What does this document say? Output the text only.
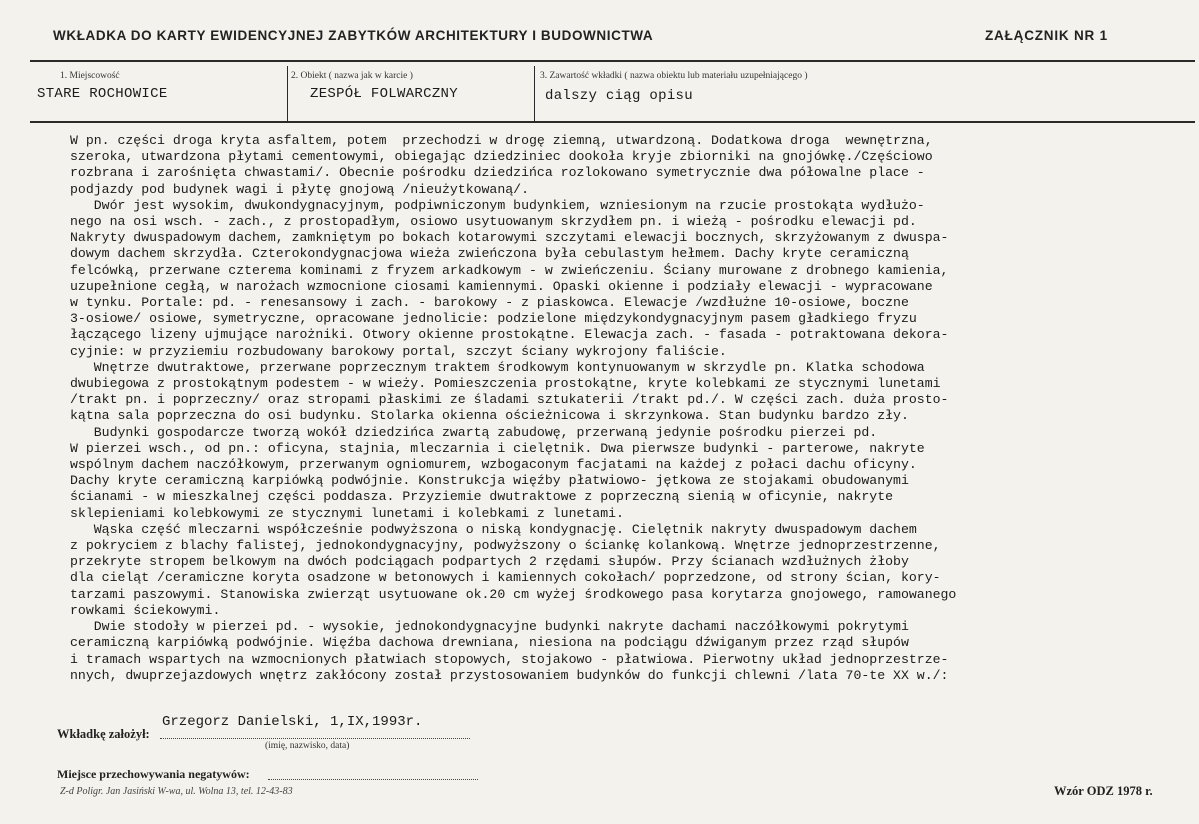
WKŁADKA DO KARTY EWIDENCYJNEJ ZABYTKÓW ARCHITEKTURY I BUDOWNICTWA	ZAŁĄCZNIK NR 1
1. Miejscowość
STARE ROCHOWICE
2. Obiekt ( nazwa jak w karcie )
ZESPÓŁ FOLWARCZNY
3. Zawartość wkładki ( nazwa obiektu lub materiału uzupełniającego )
dalszy ciąg opisu

W pn. części droga kryta asfaltem, potem  przechodzi w drogę ziemną, utwardzoną. Dodatkowa droga  wewnętrzna,

szeroka, utwardzona płytami cementowymi, obiegając dziedziniec dookoła kryje zbiorniki na gnojówkę./Częściowo

rozbrana i zarośnięta chwastami/. Obecnie pośrodku dziedzińca rozlokowano symetrycznie dwa półowalne place -

podjazdy pod budynek wagi i płytę gnojową /nieużytkowaną/.

Dwór jest wysokim, dwukondygnacyjnym, podpiwniczonym budynkiem, wzniesionym na rzucie prostokąta wydłużo-

nego na osi wsch. - zach., z prostopadłym, osiowo usytuowanym skrzydłem pn. i wieżą - pośrodku elewacji pd.

Nakryty dwuspadowym dachem, zamkniętym po bokach kotarowymi szczytami elewacji bocznych, skrzyżowanym z dwuspa-

dowym dachem skrzydła. Czterokondygnacjowa wieża zwieńczona była cebulastym hełmem. Dachy kryte ceramiczną

felcówką, przerwane czterema kominami z fryzem arkadkowym - w zwieńczeniu. Ściany murowane z drobnego kamienia,

uzupełnione cegłą, w narożach wzmocnione ciosami kamiennymi. Opaski okienne i podziały elewacji - wypracowane

w tynku. Portale: pd. - renesansowy i zach. - barokowy - z piaskowca. Elewacje /wzdłużne 10-osiowe, boczne

3-osiowe/ osiowe, symetryczne, opracowane jednolicie: podzielone międzykondygnacyjnym pasem gładkiego fryzu

łączącego lizeny ujmujące narożniki. Otwory okienne prostokątne. Elewacja zach. - fasada - potraktowana dekora-

cyjnie: w przyziemiu rozbudowany barokowy portal, szczyt ściany wykrojony faliście.

Wnętrze dwutraktowe, przerwane poprzecznym traktem środkowym kontynuowanym w skrzydle pn. Klatka schodowa

dwubiegowa z prostokątnym podestem - w wieży. Pomieszczenia prostokątne, kryte kolebkami ze stycznymi lunetami

/trakt pn. i poprzeczny/ oraz stropami płaskimi ze śladami sztukaterii /trakt pd./. W części zach. duża prosto-

kątna sala poprzeczna do osi budynku. Stolarka okienna ościeżnicowa i skrzynkowa. Stan budynku bardzo zły.

Budynki gospodarcze tworzą wokół dziedzińca zwartą zabudowę, przerwaną jedynie pośrodku pierzei pd.

W pierzei wsch., od pn.: oficyna, stajnia, mleczarnia i cielętnik. Dwa pierwsze budynki - parterowe, nakryte

wspólnym dachem naczółkowym, przerwanym ogniomurem, wzbogaconym facjatami na każdej z połaci dachu oficyny.

Dachy kryte ceramiczną karpiówką podwójnie. Konstrukcja więźby płatwiowo- jętkowa ze stojakami obudowanymi

ścianami - w mieszkalnej części poddasza. Przyziemie dwutraktowe z poprzeczną sienią w oficynie, nakryte

sklepieniami kolebkowymi ze stycznymi lunetami i kolebkami z lunetami.

Wąska część mleczarni współcześnie podwyższona o niską kondygnację. Cielętnik nakryty dwuspadowym dachem

z pokryciem z blachy falistej, jednokondygnacyjny, podwyższony o ściankę kolankową. Wnętrze jednoprzestrzenne,

przekryte stropem belkowym na dwóch podciągach podpartych 2 rzędami słupów. Przy ścianach wzdłużnych żłoby

dla cieląt /ceramiczne koryta osadzone w betonowych i kamiennych cokołach/ poprzedzone, od strony ścian, kory-

tarzami paszowymi. Stanowiska zwierząt usytuowane ok.20 cm wyżej środkowego pasa korytarza gnojowego, ramowanego

rowkami ściekowymi.

Dwie stodoły w pierzei pd. - wysokie, jednokondygnacyjne budynki nakryte dachami naczółkowymi pokrytymi

ceramiczną karpiówką podwójnie. Więźba dachowa drewniana, niesiona na podciągu dźwiganym przez rząd słupów

i tramach wspartych na wzmocnionych płatwiach stopowych, stojakowo - płatwiowa. Pierwotny układ jednoprzestrze-

nnych, dwuprzejazdowych wnętrz zakłócony został przystosowaniem budynków do funkcji chlewni /lata 70-te XX w./:

Wkładkę założył:
Grzegorz Danielski, 1,IX,1993r.
(imię, nazwisko, data)
Miejsce przechowywania negatywów:
Z-d Poligr. Jan Jasiński W-wa, ul. Wolna 13, tel. 12-43-83	Wzór ODZ 1978 r.
